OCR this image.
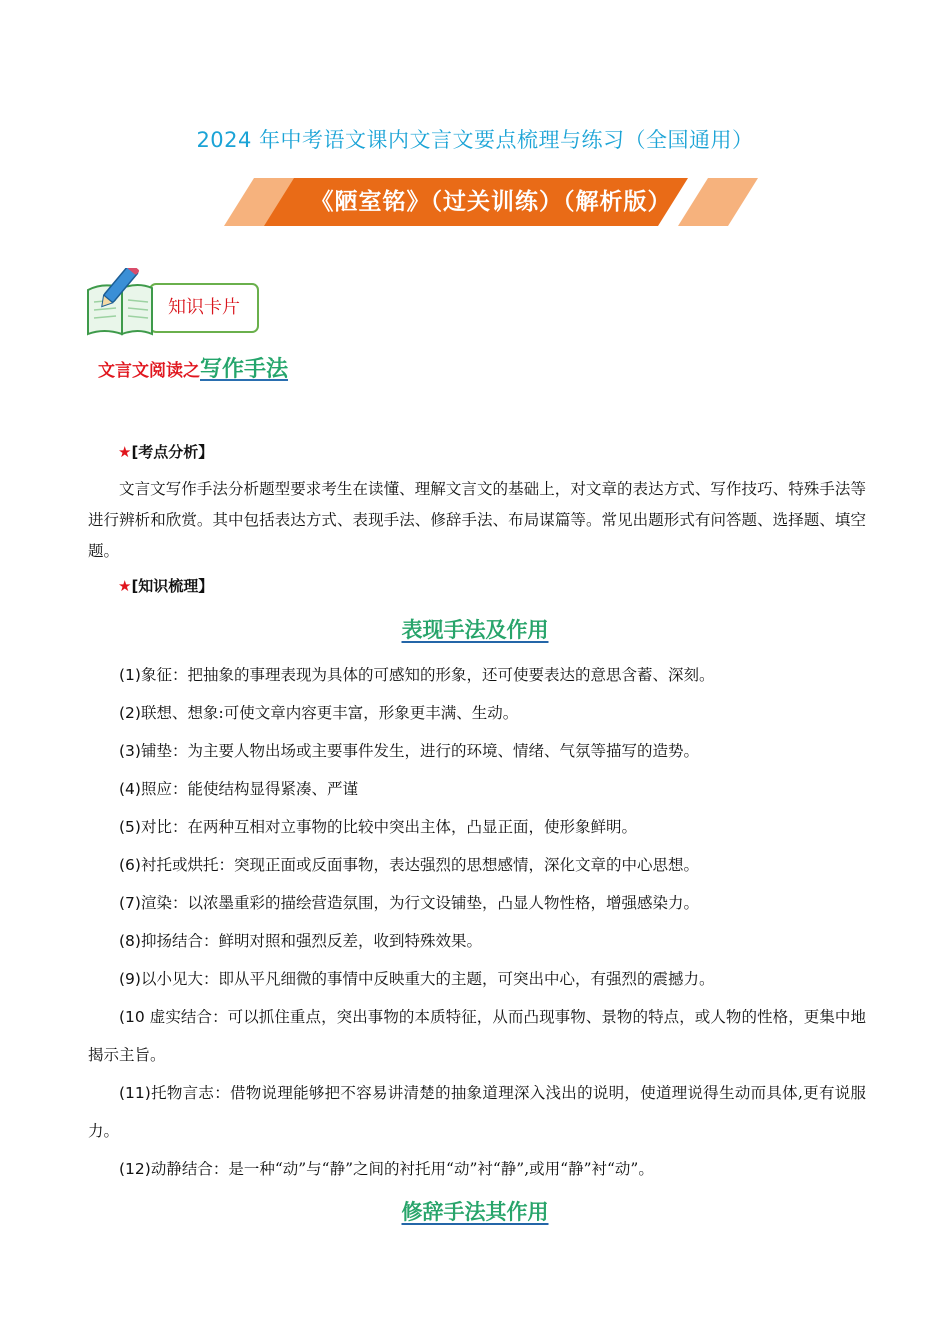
2024 年中考语文课内文言文要点梳理与练习（全国通用）
《陋室铭》（过关训练）（解析版）
知识卡片
文言文阅读之写作手法
★[考点分析】
文言文写作手法分析题型要求考生在读懂、理解文言文的基础上，对文章的表达方式、写作技巧、特殊手法等进行辨析和欣赏。其中包括表达方式、表现手法、修辞手法、布局谋篇等。常见出题形式有问答题、选择题、填空题。
★[知识梳理】
表现手法及作用
(1)象征：把抽象的事理表现为具体的可感知的形象，还可使要表达的意思含蓄、深刻。
(2)联想、想象:可使文章内容更丰富，形象更丰满、生动。
(3)铺垫：为主要人物出场或主要事件发生，进行的环境、情绪、气氛等描写的造势。
(4)照应：能使结构显得紧凑、严谨
(5)对比：在两种互相对立事物的比较中突出主体，凸显正面，使形象鲜明。
(6)衬托或烘托：突现正面或反面事物，表达强烈的思想感情，深化文章的中心思想。
(7)渲染：以浓墨重彩的描绘营造氛围，为行文设铺垫，凸显人物性格，增强感染力。
(8)抑扬结合：鲜明对照和强烈反差，收到特殊效果。
(9)以小见大：即从平凡细微的事情中反映重大的主题，可突出中心，有强烈的震撼力。
(10 虚实结合：可以抓住重点，突出事物的本质特征，从而凸现事物、景物的特点，或人物的性格，更集中地揭示主旨。
(11)托物言志：借物说理能够把不容易讲清楚的抽象道理深入浅出的说明，使道理说得生动而具体,更有说服力。
(12)动静结合：是一种“动”与“静”之间的衬托用“动”衬“静”,或用“静”衬“动”。
修辞手法其作用
